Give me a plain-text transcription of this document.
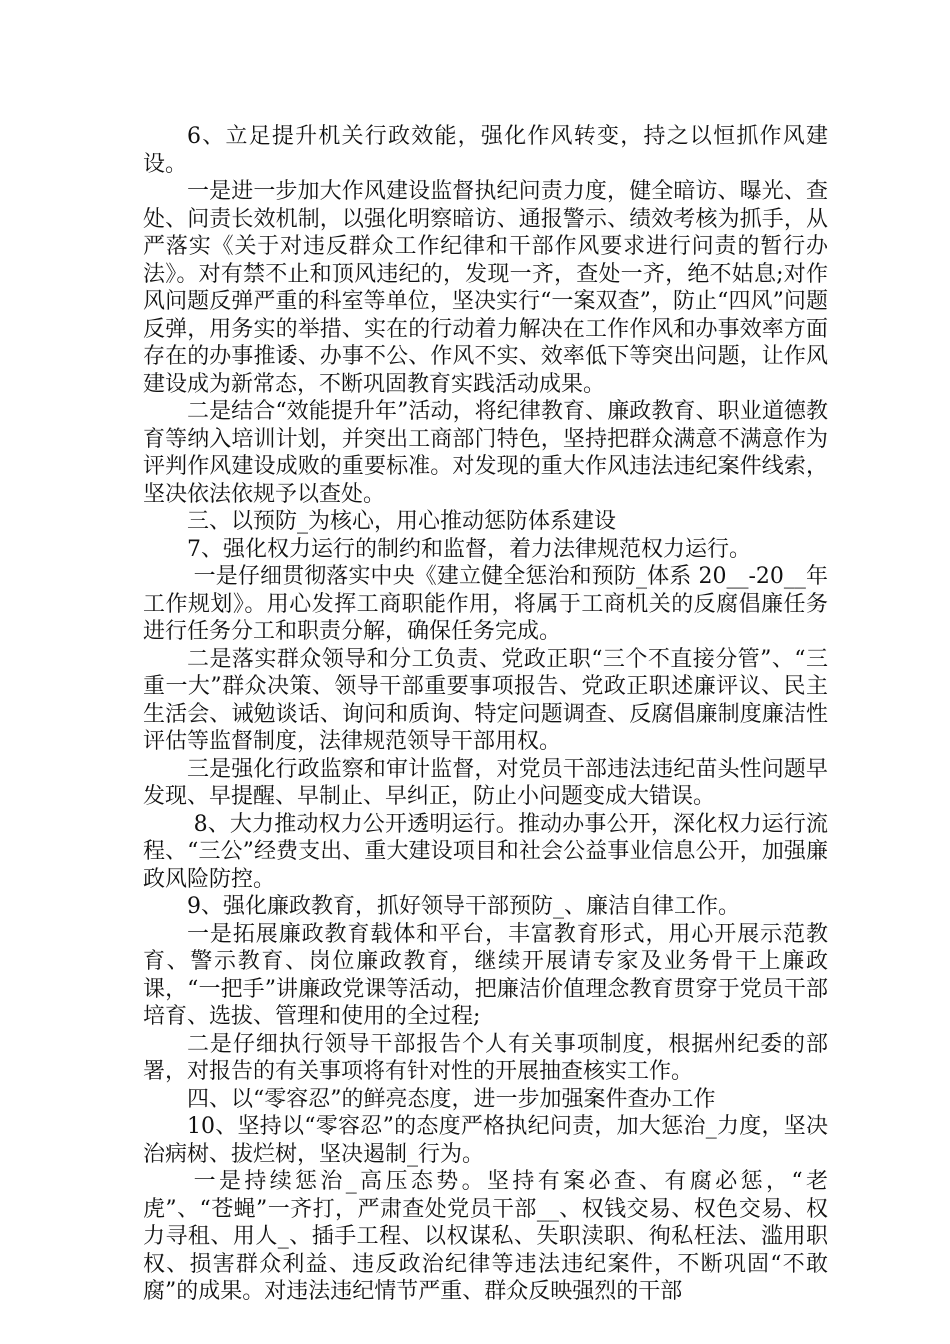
6、立足提升机关行政效能，强化作风转变，持之以恒抓作风建设。

一是进一步加大作风建设监督执纪问责力度，健全暗访、曝光、查处、问责长效机制，以强化明察暗访、通报警示、绩效考核为抓手，从严落实《关于对违反群众工作纪律和干部作风要求进行问责的暂行办法》。对有禁不止和顶风违纪的，发现一齐，查处一齐，绝不姑息;对作风问题反弹严重的科室等单位，坚决实行“一案双查”，防止“四风”问题反弹，用务实的举措、实在的行动着力解决在工作作风和办事效率方面存在的办事推诿、办事不公、作风不实、效率低下等突出问题，让作风建设成为新常态，不断巩固教育实践活动成果。

二是结合“效能提升年”活动，将纪律教育、廉政教育、职业道德教育等纳入培训计划，并突出工商部门特色，坚持把群众满意不满意作为评判作风建设成败的重要标准。对发现的重大作风违法违纪案件线索，坚决依法依规予以查处。

三、以预防_为核心，用心推动惩防体系建设

7、强化权力运行的制约和监督，着力法律规范权力运行。

一是仔细贯彻落实中央《建立健全惩治和预防_体系 20__-20__年工作规划》。用心发挥工商职能作用，将属于工商机关的反腐倡廉任务进行任务分工和职责分解，确保任务完成。

二是落实群众领导和分工负责、党政正职“三个不直接分管”、“三重一大”群众决策、领导干部重要事项报告、党政正职述廉评议、民主生活会、诫勉谈话、询问和质询、特定问题调查、反腐倡廉制度廉洁性评估等监督制度，法律规范领导干部用权。

三是强化行政监察和审计监督，对党员干部违法违纪苗头性问题早发现、早提醒、早制止、早纠正，防止小问题变成大错误。

8、大力推动权力公开透明运行。推动办事公开，深化权力运行流程、“三公”经费支出、重大建设项目和社会公益事业信息公开，加强廉政风险防控。

9、强化廉政教育，抓好领导干部预防_、廉洁自律工作。

一是拓展廉政教育载体和平台，丰富教育形式，用心开展示范教育、警示教育、岗位廉政教育，继续开展请专家及业务骨干上廉政课，“一把手”讲廉政党课等活动，把廉洁价值理念教育贯穿于党员干部培育、选拔、管理和使用的全过程;

二是仔细执行领导干部报告个人有关事项制度，根据州纪委的部署，对报告的有关事项将有针对性的开展抽查核实工作。

四、以“零容忍”的鲜亮态度，进一步加强案件查办工作

10、坚持以“零容忍”的态度严格执纪问责，加大惩治_力度，坚决治病树、拔烂树，坚决遏制_行为。

一是持续惩治_高压态势。坚持有案必查、有腐必惩，“老虎”、“苍蝇”一齐打，严肃查处党员干部__、权钱交易、权色交易、权力寻租、用人_、插手工程、以权谋私、失职渎职、徇私枉法、滥用职权、损害群众利益、违反政治纪律等违法违纪案件，不断巩固“不敢腐”的成果。对违法违纪情节严重、群众反映强烈的干部
